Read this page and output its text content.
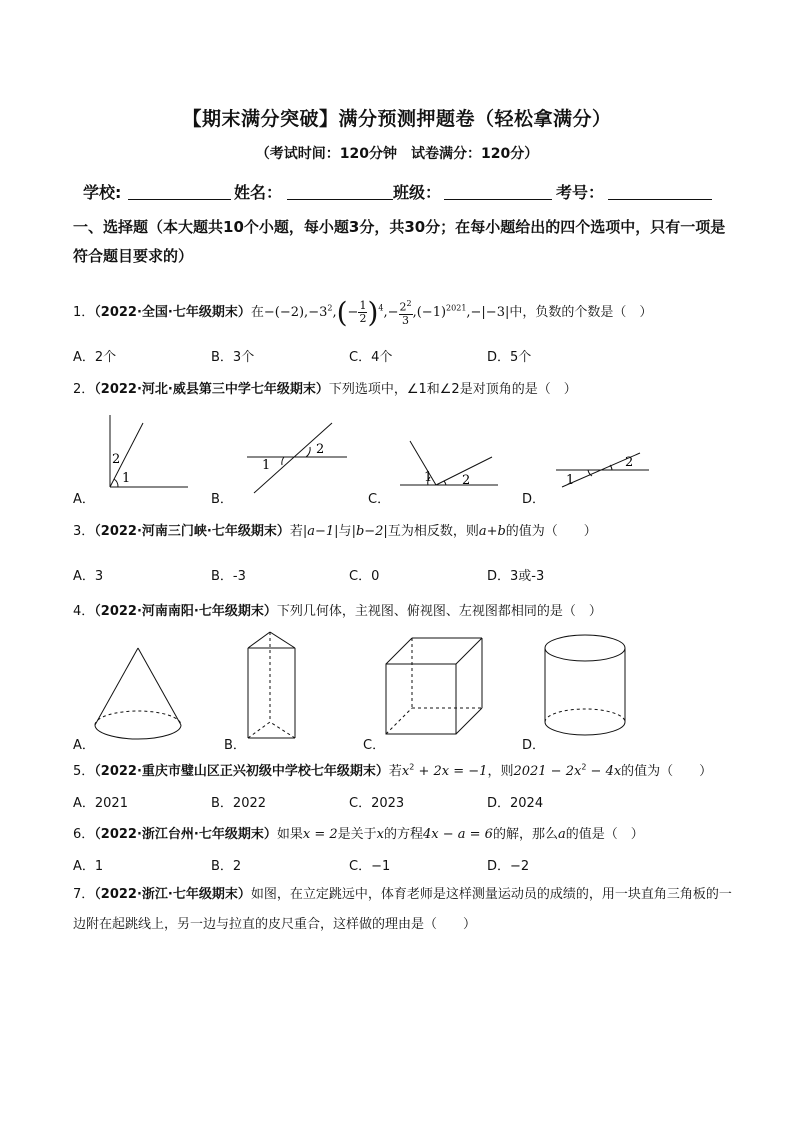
【期末满分突破】满分预测押题卷（轻松拿满分）
（考试时间：120分钟　试卷满分：120分）
学校:	姓名：	班级：	考号：
一、选择题（本大题共10个小题，每小题3分，共30分；在每小题给出的四个选项中，只有一项是符合题目要求的）
1．（2022·全国·七年级期末）在$-(-2),-3^2,(- \frac{1}{2} )^4,- \frac{2^2}{3} ,(-1)^{2021},-|-3|$中，负数的个数是（　）
A．2个	B．3个	C．4个	D．5个
2．（2022·河北·威县第三中学七年级期末）下列选项中，∠1和∠2是对顶角的是（　）
2
1
1
2
1 2	1
2
A．	B．	C．	D．
3．（2022·河南三门峡·七年级期末）若|a−1|与|b−2|互为相反数，则a+b的值为（　　）
A．3	B．-3	C．0	D．3或-3
4．（2022·河南南阳·七年级期末）下列几何体，主视图、俯视图、左视图都相同的是（　）
A．	B．	C．	D．
5．（2022·重庆市璧山区正兴初级中学校七年级期末）若$x^2 + 2x = -1$，则$2021 - 2x^2 - 4x$的值为（　　）
A．2021	B．2022	C．2023	D．2024
6．（2022·浙江台州·七年级期末）如果x = 2是关于x的方程4x − a = 6的解，那么a的值是（　）
A．1	B．2	C．−1	D．−2
7．（2022·浙江·七年级期末）如图，在立定跳远中，体育老师是这样测量运动员的成绩的，用一块直角三角板的一边附在起跳线上，另一边与拉直的皮尺重合，这样做的理由是（　　）
